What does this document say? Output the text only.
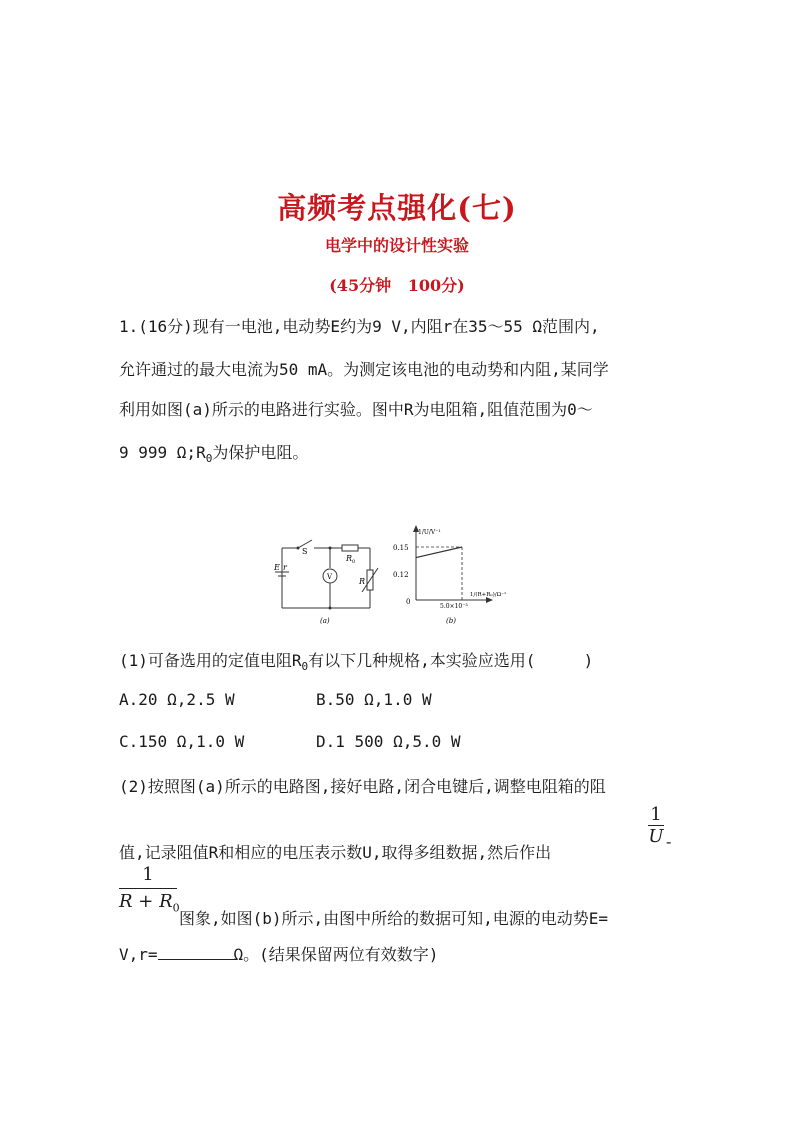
高频考点强化(七)
电学中的设计性实验
(45分钟   100分)
1.(16分)现有一电池,电动势E约为9 V,内阻r在35～55 Ω范围内,
允许通过的最大电流为50 mA。为测定该电池的电动势和内阻,某同学
利用如图(a)所示的电路进行实验。图中R为电阻箱,阻值范围为0～
9 999 $\Omega;R_0$为保护电阻。
S
R 0
V
E r
R
(a)
0.15
0.12
0
5.0×10⁻³
1/U/V⁻¹
1/(R+R₀)/Ω⁻¹
(b)
(1)可备选用的定值电阻$R_0$有以下几种规格,本实验应选用(     )
A.20 Ω,2.5 W	B.50 Ω,1.0 W
C.150 Ω,1.0 W	D.1 500 Ω,5.0 W
(2)按照图(a)所示的电路图,接好电路,闭合电键后,调整电阻箱的阻
1
U -
值,记录阻值R和相应的电压表示数U,取得多组数据,然后作出
1
$R + R_0$
图象,如图(b)所示,由图中所给的数据可知,电源的电动势E=
V,r=	Ω。(结果保留两位有效数字)
